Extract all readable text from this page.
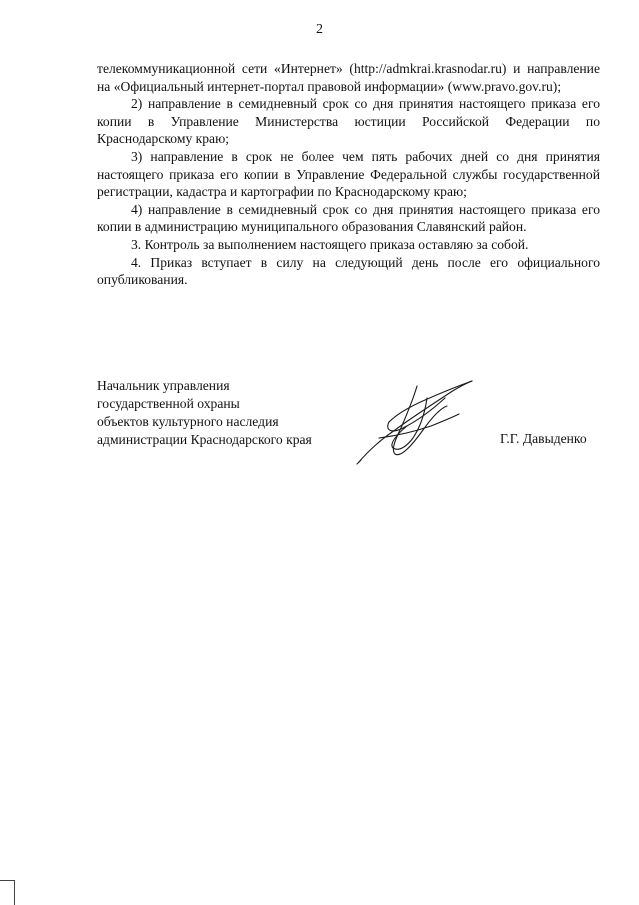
2

телекоммуникационной сети «Интернет» (http://admkrai.krasnodar.ru) и направление на «Официальный интернет-портал правовой информации» (www.pravo.gov.ru);

2) направление в семидневный срок со дня принятия настоящего приказа его копии в Управление Министерства юстиции Российской Федерации по Краснодарскому краю;

3) направление в срок не более чем пять рабочих дней со дня принятия настоящего приказа его копии в Управление Федеральной службы государственной регистрации, кадастра и картографии по Краснодарскому краю;

4) направление в семидневный срок со дня принятия настоящего приказа его копии в администрацию муниципального образования Славянский район.

3. Контроль за выполнением настоящего приказа оставляю за собой.

4. Приказ вступает в силу на следующий день после его официального опубликования.

Начальник управления
государственной охраны
объектов культурного наследия
администрации Краснодарского края	Г.Г. Давыденко
